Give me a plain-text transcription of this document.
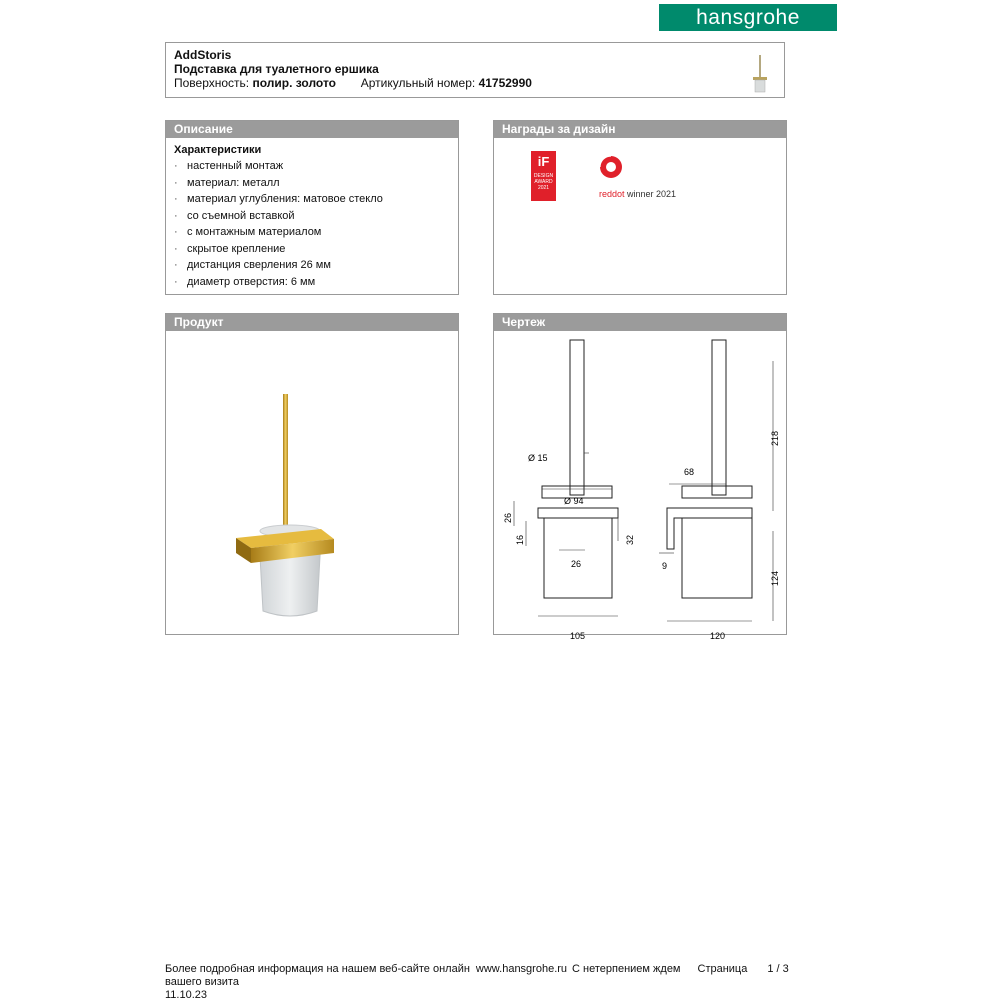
hansgrohe
AddStoris
Подставка для туалетного ершика
Поверхность: полир. золото Артикульный номер: 41752990
Описание
Характеристики
· настенный монтаж
· материал: металл
· материал углубления: матовое стекло
· со съемной вставкой
· с монтажным материалом
· скрытое крепление
· дистанция сверления 26 мм
· диаметр отверстия: 6 мм
Награды за дизайн
iF
DESIGN AWARD 2021
reddot winner 2021
Продукт	Чертеж
Ø 15
Ø 94
26
16	32
26
105
68
218
124
9
120
Более подробная информация на нашем веб-сайте онлайн www.hansgrohe.ru С нетерпением ждем Страница 1 / 3
вашего визита
11.10.23
